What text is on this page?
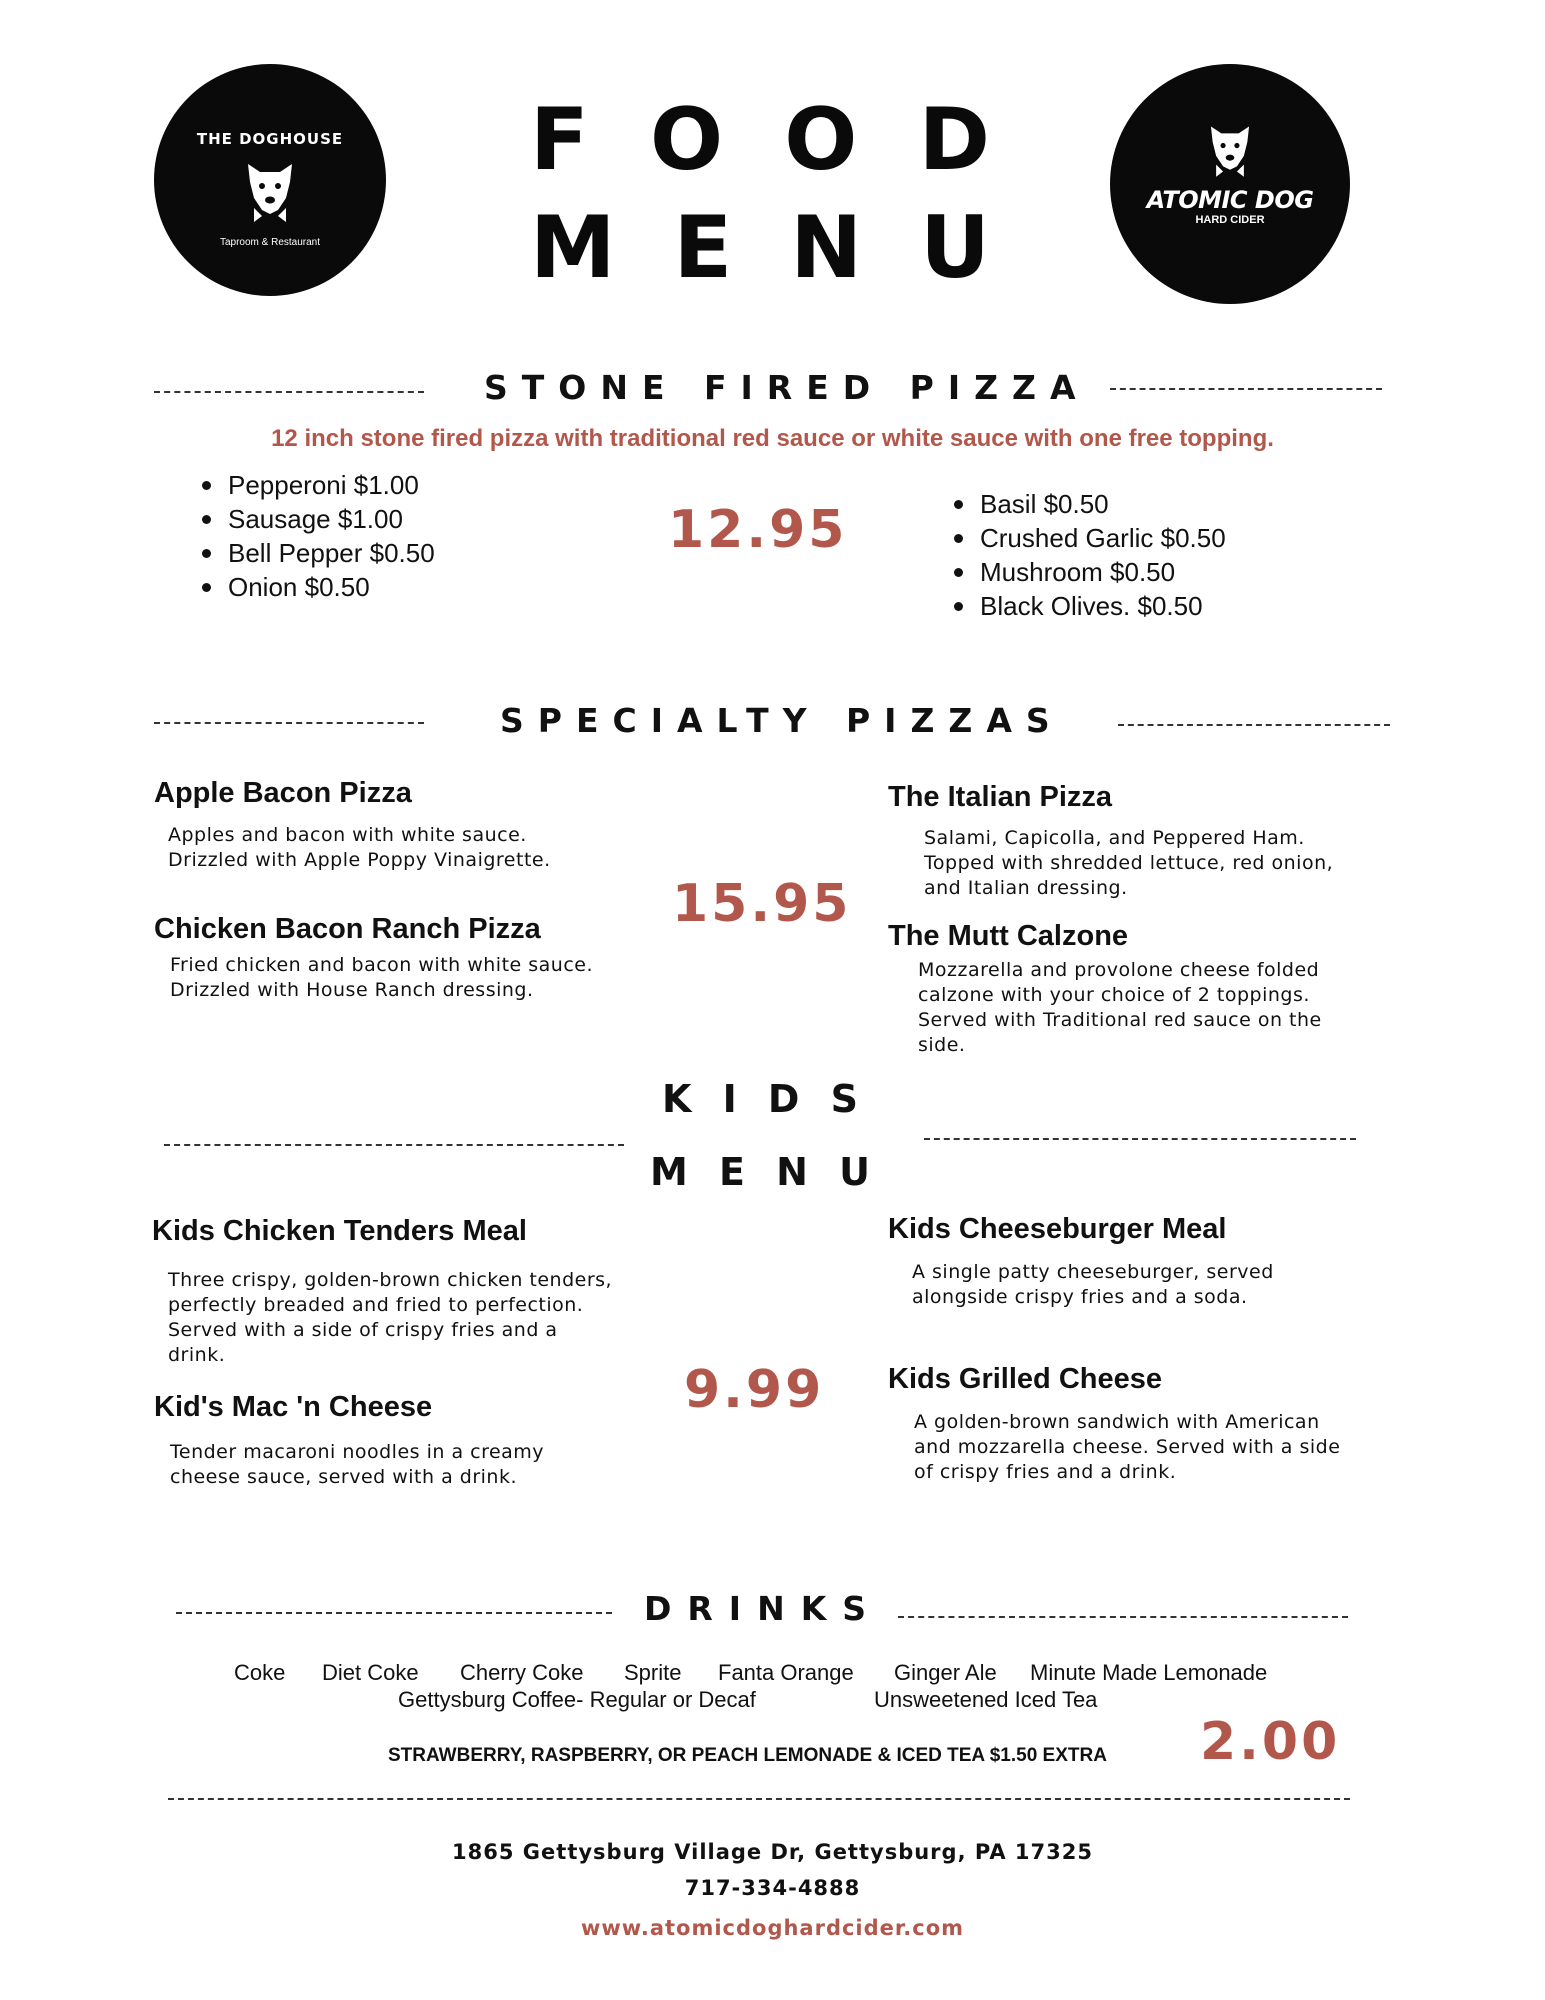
THE DOGHOUSE
Taproom & Restaurant
F O O D
M E N U	ATOMIC DOG
HARD CIDER
STONE FIRED PIZZA
12 inch stone fired pizza with traditional red sauce or white sauce with one free topping.
Pepperoni $1.00
Sausage $1.00
Bell Pepper $0.50
Onion $0.50
12.95	Basil $0.50
Crushed Garlic $0.50
Mushroom $0.50
Black Olives. $0.50
SPECIALTY PIZZAS
Apple Bacon Pizza
Apples and bacon with white sauce.
Drizzled with Apple Poppy Vinaigrette.
Chicken Bacon Ranch Pizza
Fried chicken and bacon with white sauce.
Drizzled with House Ranch dressing.
15.95
The Italian Pizza
Salami, Capicolla, and Peppered Ham.
Topped with shredded lettuce, red onion,
and Italian dressing.
The Mutt Calzone
Mozzarella and provolone cheese folded
calzone with your choice of 2 toppings.
Served with Traditional red sauce on the
side.
K I D S
M E N U
Kids Chicken Tenders Meal
Three crispy, golden-brown chicken tenders,
perfectly breaded and fried to perfection.
Served with a side of crispy fries and a
drink.
Kid's Mac 'n Cheese
Tender macaroni noodles in a creamy
cheese sauce, served with a drink.
9.99
Kids Cheeseburger Meal
A single patty cheeseburger, served
alongside crispy fries and a soda.
Kids Grilled Cheese
A golden-brown sandwich with American
and mozzarella cheese. Served with a side
of crispy fries and a drink.
DRINKS
Coke Diet Coke Cherry Coke Sprite Fanta Orange Ginger Ale Minute Made Lemonade
Gettysburg Coffee- Regular or Decaf	Unsweetened Iced Tea
STRAWBERRY, RASPBERRY, OR PEACH LEMONADE & ICED TEA $1.50 EXTRA 2.00
1865 Gettysburg Village Dr, Gettysburg, PA 17325
717-334-4888
www.atomicdoghardcider.com
